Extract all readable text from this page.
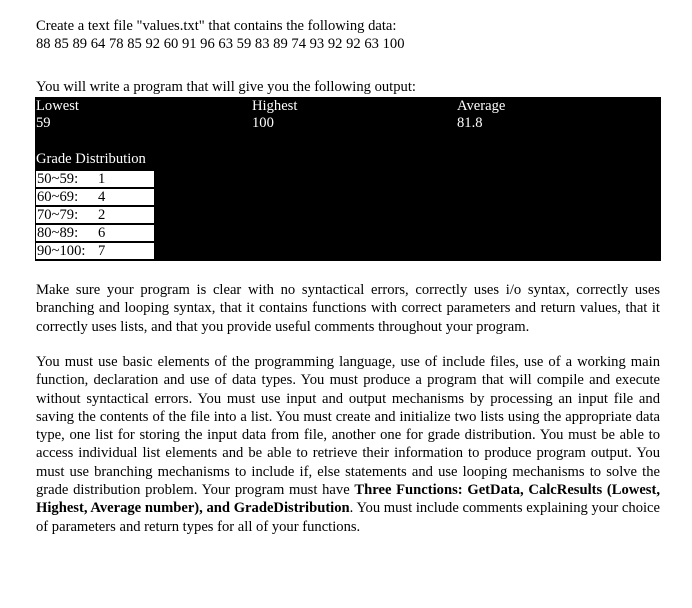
Create a text file "values.txt" that contains the following data:
88 85 89 64 78 85 92 60 91 96 63 59 83 89 74 93 92 92 63 100
You will write a program that will give you the following output:
Lowest	Highest	Average
59	100	81.8
Grade Distribution
50~59: 1
60~69: 4
70~79: 2
80~89: 6
90~100: 7
Make sure your program is clear with no syntactical errors, correctly uses i/o syntax, correctly uses branching and looping syntax, that it contains functions with correct parameters and return values, that it correctly uses lists, and that you provide useful comments throughout your program.
You must use basic elements of the programming language, use of include files, use of a working main function, declaration and use of data types. You must produce a program that will compile and execute without syntactical errors. You must use input and output mechanisms by processing an input file and saving the contents of the file into a list. You must create and initialize two lists using the appropriate data type, one list for storing the input data from file, another one for grade distribution. You must be able to access individual list elements and be able to retrieve their information to produce program output. You must use branching mechanisms to include if, else statements and use looping mechanisms to solve the grade distribution problem. Your program must have Three Functions: GetData, CalcResults (Lowest, Highest, Average number), and GradeDistribution. You must include comments explaining your choice of parameters and return types for all of your functions.
